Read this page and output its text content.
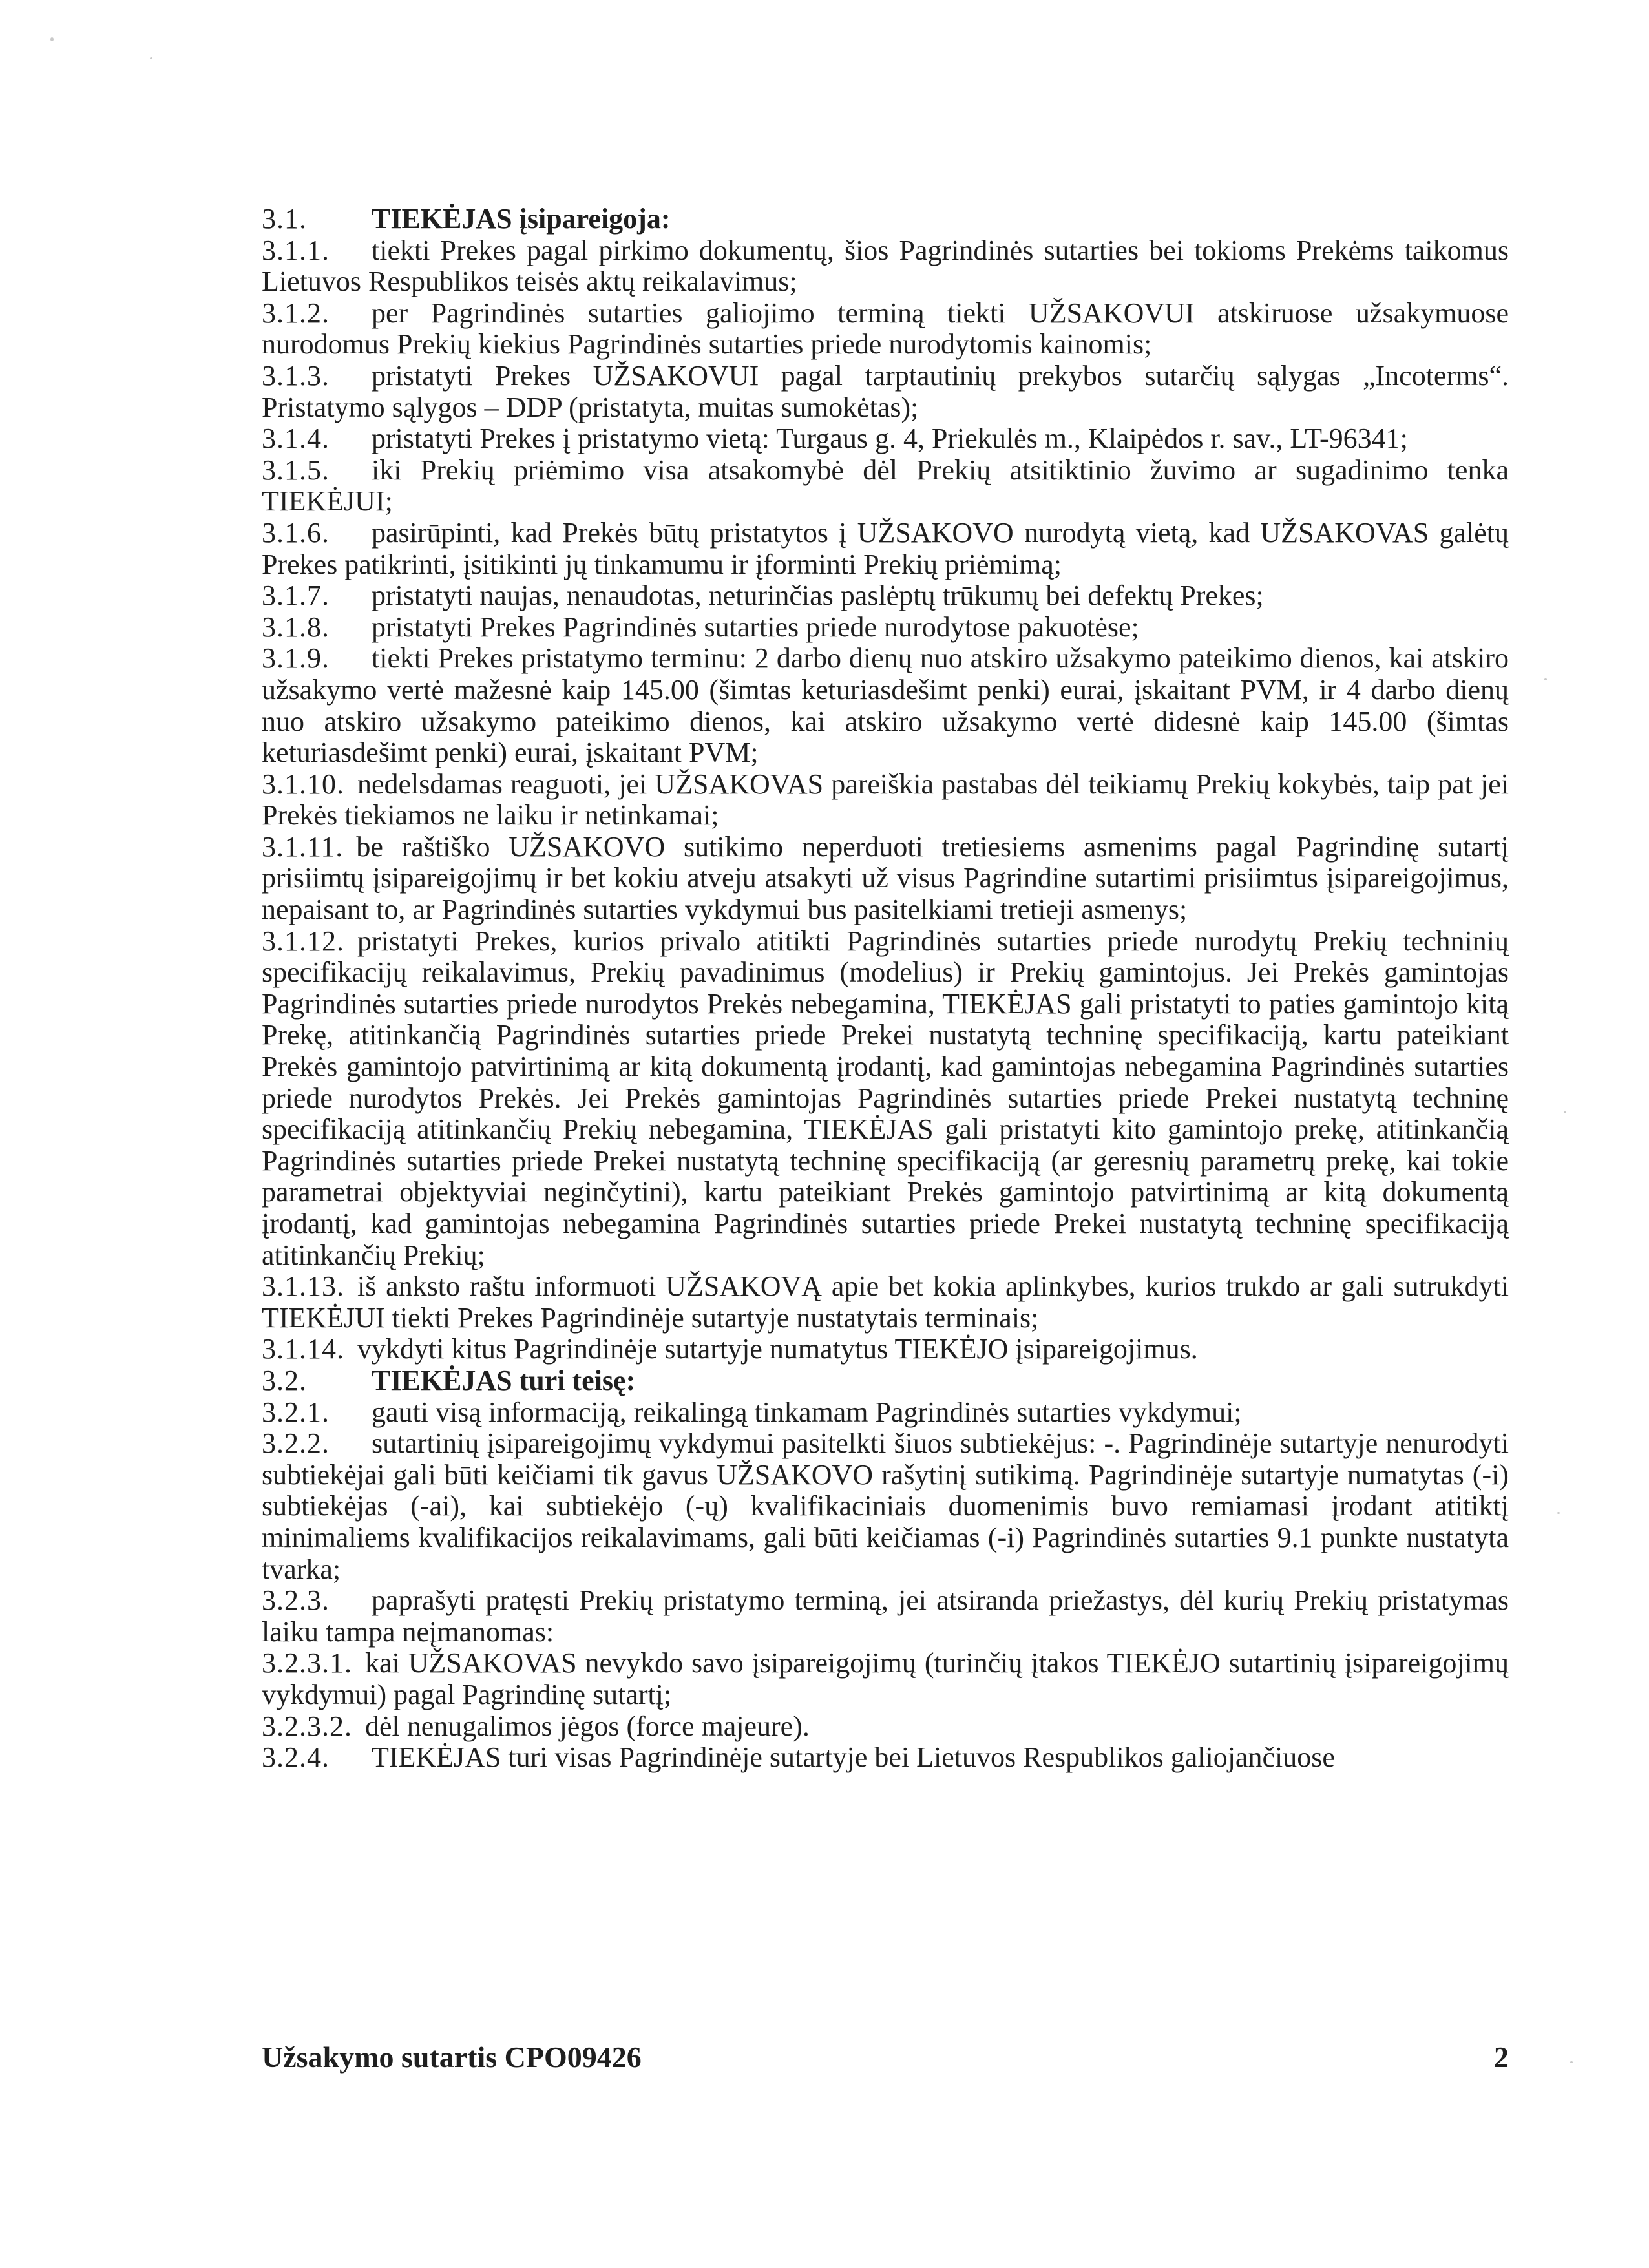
3.1. TIEKĖJAS įsipareigoja:

3.1.1. tiekti Prekes pagal pirkimo dokumentų, šios Pagrindinės sutarties bei tokioms Prekėms taikomus Lietuvos Respublikos teisės aktų reikalavimus;

3.1.2. per Pagrindinės sutarties galiojimo terminą tiekti UŽSAKOVUI atskiruose užsakymuose nurodomus Prekių kiekius Pagrindinės sutarties priede nurodytomis kainomis;

3.1.3. pristatyti Prekes UŽSAKOVUI pagal tarptautinių prekybos sutarčių sąlygas „Incoterms“. Pristatymo sąlygos – DDP (pristatyta, muitas sumokėtas);

3.1.4. pristatyti Prekes į pristatymo vietą: Turgaus g. 4, Priekulės m., Klaipėdos r. sav., LT-96341;

3.1.5. iki Prekių priėmimo visa atsakomybė dėl Prekių atsitiktinio žuvimo ar sugadinimo tenka TIEKĖJUI;

3.1.6. pasirūpinti, kad Prekės būtų pristatytos į UŽSAKOVO nurodytą vietą, kad UŽSAKOVAS galėtų Prekes patikrinti, įsitikinti jų tinkamumu ir įforminti Prekių priėmimą;

3.1.7. pristatyti naujas, nenaudotas, neturinčias paslėptų trūkumų bei defektų Prekes;

3.1.8. pristatyti Prekes Pagrindinės sutarties priede nurodytose pakuotėse;

3.1.9. tiekti Prekes pristatymo terminu: 2 darbo dienų nuo atskiro užsakymo pateikimo dienos, kai atskiro užsakymo vertė mažesnė kaip 145.00 (šimtas keturiasdešimt penki) eurai, įskaitant PVM, ir 4 darbo dienų nuo atskiro užsakymo pateikimo dienos, kai atskiro užsakymo vertė didesnė kaip 145.00 (šimtas keturiasdešimt penki) eurai, įskaitant PVM;

3.1.10. nedelsdamas reaguoti, jei UŽSAKOVAS pareiškia pastabas dėl teikiamų Prekių kokybės, taip pat jei Prekės tiekiamos ne laiku ir netinkamai;

3.1.11. be raštiško UŽSAKOVO sutikimo neperduoti tretiesiems asmenims pagal Pagrindinę sutartį prisiimtų įsipareigojimų ir bet kokiu atveju atsakyti už visus Pagrindine sutartimi prisiimtus įsipareigojimus, nepaisant to, ar Pagrindinės sutarties vykdymui bus pasitelkiami tretieji asmenys;

3.1.12. pristatyti Prekes, kurios privalo atitikti Pagrindinės sutarties priede nurodytų Prekių techninių specifikacijų reikalavimus, Prekių pavadinimus (modelius) ir Prekių gamintojus. Jei Prekės gamintojas Pagrindinės sutarties priede nurodytos Prekės nebegamina, TIEKĖJAS gali pristatyti to paties gamintojo kitą Prekę, atitinkančią Pagrindinės sutarties priede Prekei nustatytą techninę specifikaciją, kartu pateikiant Prekės gamintojo patvirtinimą ar kitą dokumentą įrodantį, kad gamintojas nebegamina Pagrindinės sutarties priede nurodytos Prekės. Jei Prekės gamintojas Pagrindinės sutarties priede Prekei nustatytą techninę specifikaciją atitinkančių Prekių nebegamina, TIEKĖJAS gali pristatyti kito gamintojo prekę, atitinkančią Pagrindinės sutarties priede Prekei nustatytą techninę specifikaciją (ar geresnių parametrų prekę, kai tokie parametrai objektyviai neginčytini), kartu pateikiant Prekės gamintojo patvirtinimą ar kitą dokumentą įrodantį, kad gamintojas nebegamina Pagrindinės sutarties priede Prekei nustatytą techninę specifikaciją atitinkančių Prekių;

3.1.13. iš anksto raštu informuoti UŽSAKOVĄ apie bet kokia aplinkybes, kurios trukdo ar gali sutrukdyti TIEKĖJUI tiekti Prekes Pagrindinėje sutartyje nustatytais terminais;

3.1.14. vykdyti kitus Pagrindinėje sutartyje numatytus TIEKĖJO įsipareigojimus.

3.2. TIEKĖJAS turi teisę:

3.2.1. gauti visą informaciją, reikalingą tinkamam Pagrindinės sutarties vykdymui;

3.2.2. sutartinių įsipareigojimų vykdymui pasitelkti šiuos subtiekėjus: -. Pagrindinėje sutartyje nenurodyti subtiekėjai gali būti keičiami tik gavus UŽSAKOVO rašytinį sutikimą. Pagrindinėje sutartyje numatytas (-i) subtiekėjas (-ai), kai subtiekėjo (-ų) kvalifikaciniais duomenimis buvo remiamasi įrodant atitiktį minimaliems kvalifikacijos reikalavimams, gali būti keičiamas (-i) Pagrindinės sutarties 9.1 punkte nustatyta tvarka;

3.2.3. paprašyti pratęsti Prekių pristatymo terminą, jei atsiranda priežastys, dėl kurių Prekių pristatymas laiku tampa neįmanomas:

3.2.3.1. kai UŽSAKOVAS nevykdo savo įsipareigojimų (turinčių įtakos TIEKĖJO sutartinių įsipareigojimų vykdymui) pagal Pagrindinę sutartį;

3.2.3.2. dėl nenugalimos jėgos (force majeure).

3.2.4. TIEKĖJAS turi visas Pagrindinėje sutartyje bei Lietuvos Respublikos galiojančiuose

Užsakymo sutartis CPO09426	2
